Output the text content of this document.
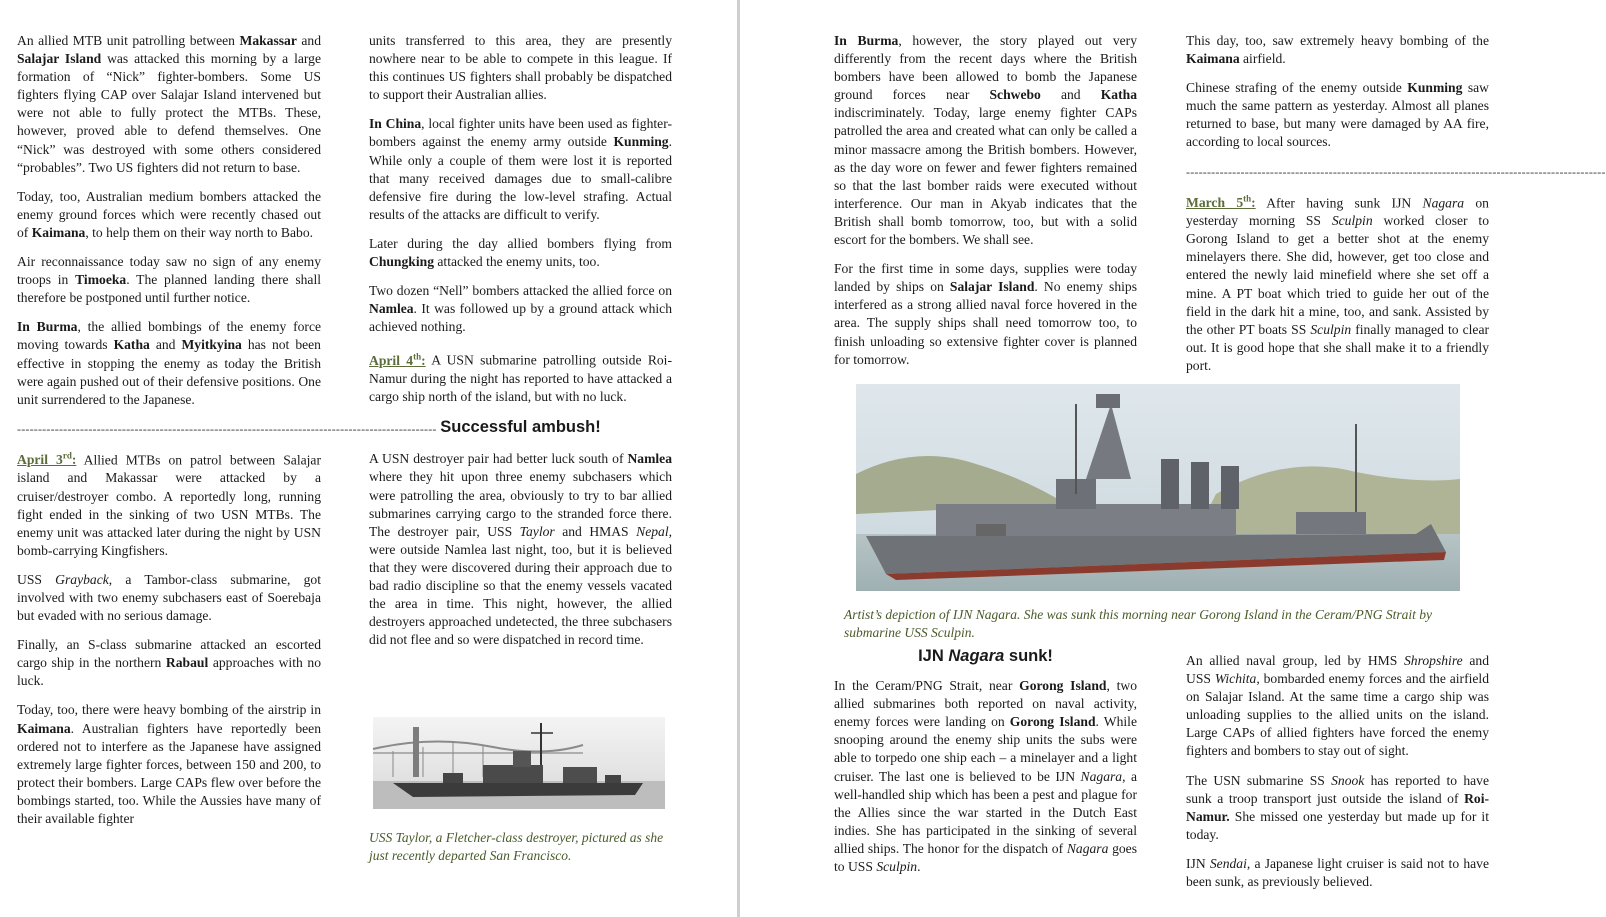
An allied MTB unit patrolling between Makassar and Salajar Island was attacked this morning by a large formation of “Nick” fighter-bombers. Some US fighters flying CAP over Salajar Island intervened but were not able to fully protect the MTBs. These, however, proved able to defend themselves. One “Nick” was destroyed with some others considered “probables”. Two US fighters did not return to base.

Today, too, Australian medium bombers attacked the enemy ground forces which were recently chased out of Kaimana, to help them on their way north to Babo.

Air reconnaissance today saw no sign of any enemy troops in Timoeka. The planned landing there shall therefore be postponed until further notice.

In Burma, the allied bombings of the enemy force moving towards Katha and Myitkyina has not been effective in stopping the enemy as today the British were again pushed out of their defensive positions. One unit surrendered to the Japanese.

----------------------------------------------------------------------------------------------------

April 3rd: Allied MTBs on patrol between Salajar island and Makassar were attacked by a cruiser/destroyer combo. A reportedly long, running fight ended in the sinking of two USN MTBs. The enemy unit was attacked later during the night by USN bomb-carrying Kingfishers.

USS Grayback, a Tambor-class submarine, got involved with two enemy subchasers east of Soerebaja but evaded with no serious damage.

Finally, an S-class submarine attacked an escorted cargo ship in the northern Rabaul approaches with no luck.

Today, too, there were heavy bombing of the airstrip in Kaimana. Australian fighters have reportedly been ordered not to interfere as the Japanese have assigned extremely large fighter forces, between 150 and 200, to protect their bombers. Large CAPs flew over before the bombings started, too. While the Aussies have many of their available fighter

units transferred to this area, they are presently nowhere near to be able to compete in this league. If this continues US fighters shall probably be dispatched to support their Australian allies.

In China, local fighter units have been used as fighter-bombers against the enemy army outside Kunming. While only a couple of them were lost it is reported that many received damages due to small-calibre defensive fire during the low-level strafing. Actual results of the attacks are difficult to verify.

Later during the day allied bombers flying from Chungking attacked the enemy units, too.

Two dozen “Nell” bombers attacked the allied force on Namlea. It was followed up by a ground attack which achieved nothing.

April 4th: A USN submarine patrolling outside Roi-Namur during the night has reported to have attacked a cargo ship north of the island, but with no luck.

Successful ambush!

A USN destroyer pair had better luck south of Namlea where they hit upon three enemy subchasers which were patrolling the area, obviously to try to bar allied submarines carrying cargo to the stranded force there. The destroyer pair, USS Taylor and HMAS Nepal, were outside Namlea last night, too, but it is believed that they were discovered during their approach due to bad radio discipline so that the enemy vessels vacated the area in time. This night, however, the allied destroyers approached undetected, the three subchasers did not flee and so were dispatched in record time.

USS Taylor, a Fletcher-class destroyer, pictured as she just recently departed San Francisco.

In Burma, however, the story played out very differently from the recent days where the British bombers have been allowed to bomb the Japanese ground forces near Schwebo and Katha indiscriminately. Today, large enemy fighter CAPs patrolled the area and created what can only be called a minor massacre among the British bombers. However, as the day wore on fewer and fewer fighters remained so that the last bomber raids were executed without interference. Our man in Akyab indicates that the British shall bomb tomorrow, too, but with a solid escort for the bombers. We shall see.

For the first time in some days, supplies were today landed by ships on Salajar Island. No enemy ships interfered as a strong allied naval force hovered in the area. The supply ships shall need tomorrow too, to finish unloading so extensive fighter cover is planned for tomorrow.

This day, too, saw extremely heavy bombing of the Kaimana airfield.

Chinese strafing of the enemy outside Kunming saw much the same pattern as yesterday. Almost all planes returned to base, but many were damaged by AA fire, according to local sources.

----------------------------------------------------------------------------------------------------

March 5th: After having sunk IJN Nagara on yesterday morning SS Sculpin worked closer to Gorong Island to get a better shot at the enemy minelayers there. She did, however, get too close and entered the newly laid minefield where she set off a mine. A PT boat which tried to guide her out of the field in the dark hit a mine, too, and sank. Assisted by the other PT boats SS Sculpin finally managed to clear out. It is good hope that she shall make it to a friendly port.

Artist’s depiction of IJN Nagara. She was sunk this morning near Gorong Island in the Ceram/PNG Strait by submarine USS Sculpin.

IJN Nagara sunk!

In the Ceram/PNG Strait, near Gorong Island, two allied submarines both reported on naval activity, enemy forces were landing on Gorong Island. While snooping around the enemy ship units the subs were able to torpedo one ship each – a minelayer and a light cruiser. The last one is believed to be IJN Nagara, a well-handled ship which has been a pest and plague for the Allies since the war started in the Dutch East indies. She has participated in the sinking of several allied ships. The honor for the dispatch of Nagara goes to USS Sculpin.

An allied naval group, led by HMS Shropshire and USS Wichita, bombarded enemy forces and the airfield on Salajar Island. At the same time a cargo ship was unloading supplies to the allied units on the island. Large CAPs of allied fighters have forced the enemy fighters and bombers to stay out of sight.

The USN submarine SS Snook has reported to have sunk a troop transport just outside the island of Roi-Namur. She missed one yesterday but made up for it today.

IJN Sendai, a Japanese light cruiser is said not to have been sunk, as previously believed.
